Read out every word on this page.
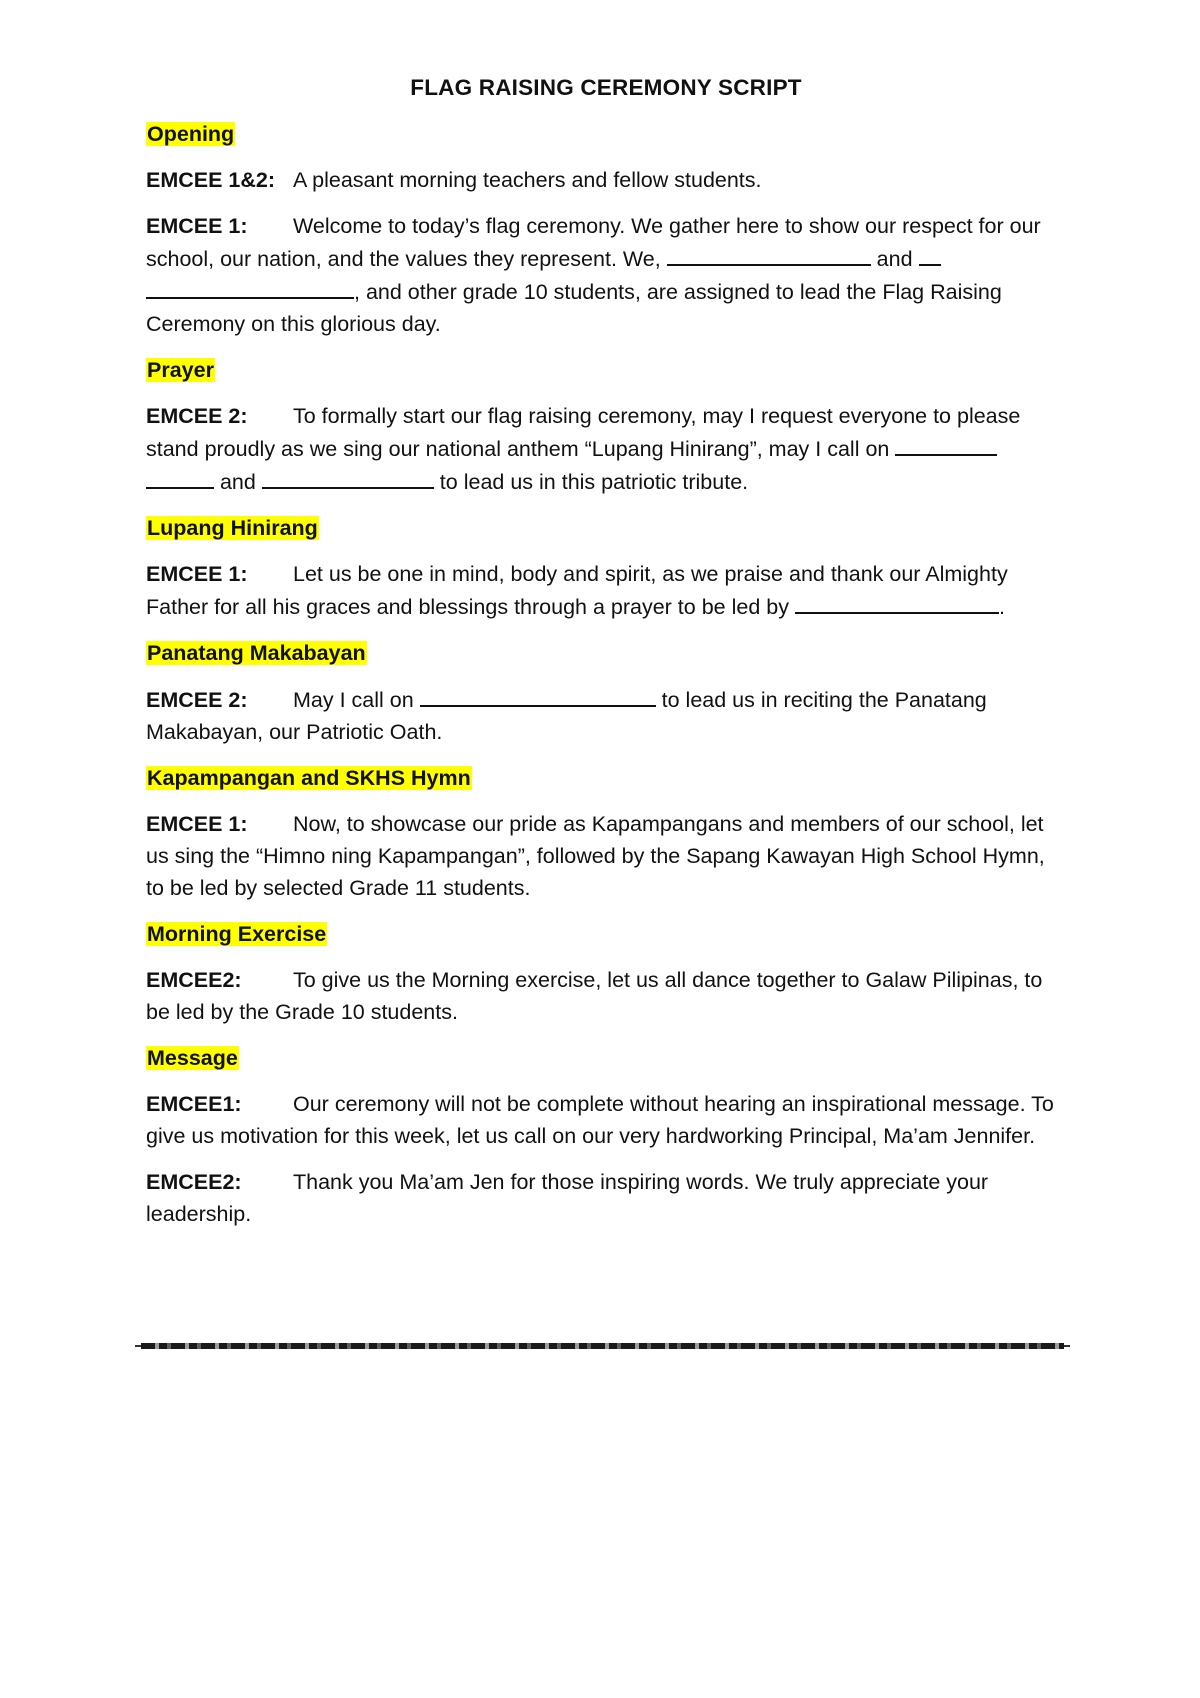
FLAG RAISING CEREMONY SCRIPT
Opening
EMCEE 1&2: A pleasant morning teachers and fellow students.
EMCEE 1: Welcome to today’s flag ceremony. We gather here to show our respect for our school, our nation, and the values they represent. We,	and  , and other grade 10 students, are assigned to lead the Flag Raising Ceremony on this glorious day.
Prayer
EMCEE 2: To formally start our flag raising ceremony, may I request everyone to please stand proudly as we sing our national anthem “Lupang Hinirang”, may I call on   and	to lead us in this patriotic tribute.
Lupang Hinirang
EMCEE 1: Let us be one in mind, body and spirit, as we praise and thank our Almighty Father for all his graces and blessings through a prayer to be led by	.
Panatang Makabayan
EMCEE 2: May I call on	to lead us in reciting the Panatang Makabayan, our Patriotic Oath.
Kapampangan and SKHS Hymn
EMCEE 1: Now, to showcase our pride as Kapampangans and members of our school, let us sing the “Himno ning Kapampangan”, followed by the Sapang Kawayan High School Hymn, to be led by selected Grade 11 students.
Morning Exercise
EMCEE2: To give us the Morning exercise, let us all dance together to Galaw Pilipinas, to be led by the Grade 10 students.
Message
EMCEE1: Our ceremony will not be complete without hearing an inspirational message. To give us motivation for this week, let us call on our very hardworking Principal, Ma’am Jennifer.
EMCEE2: Thank you Ma’am Jen for those inspiring words. We truly appreciate your leadership.
